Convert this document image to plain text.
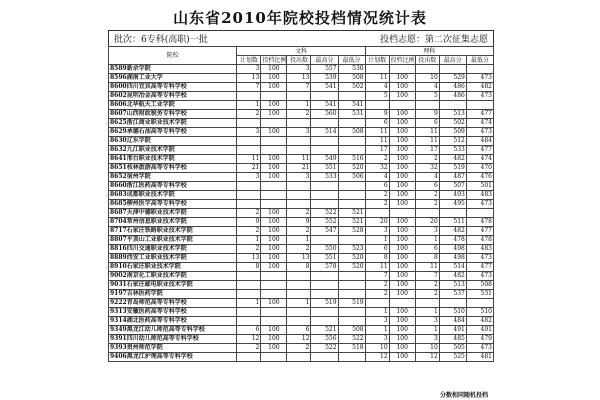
山东省2010年院校投档情况统计表
批次：6专科(高职)一批	投档志愿：第二次征集志愿
院校	文科					理科				
	计划数	投档比例	投出数	最高分	最低分	计划数	投档比例	投出数	最高分	最低分
8589新余学院	3	100	3	557	530					
8596湖南工业大学	13	100	13	539	508	11	100	10	529	473
8600四川宜宾高等专科学校	7	100	7	541	502	4	100	4	486	482
8602昆明冶金高等专科学校						5	100	5	486	473
8606北华航天工业学院	1	100	1	541	541					
8607山西财政税务专科学校	2	100	2	560	531	9	100	9	513	477
8625浙江商业职业技术学院						6	100	6	502	474
8629承德石油高等专科学校	3	100	3	514	508	11	100	11	509	473
8630辽东学院						11	100	11	512	484
8632九江职业技术学院						17	100	17	533	477
8641邢台职业技术学院	11	100	11	549	516	2	100	2	482	474
8651枝林旅游高等专科学校	21	100	21	551	520	32	100	32	519	470
8652宿州学院	3	100	3	533	506	4	100	4	487	476
8660浙江医药高等专科学校						6	100	6	507	501
8683成都职业技术学院						2	100	2	493	483
8685柳州医学高等专科学校						2	100	2	495	473
8687天津中德职业技术学院	2	100	2	522	521					
8704常州信息职业技术学院	9	100	9	552	521	20	100	20	511	478
8717石家庄铁路职业技术学院	2	100	2	547	528	3	100	3	482	477
8807平顶山工业职业技术学院	1	100	1			1	100	1	478	478
8816四川交通职业技术学院	2	100	2	550	523	6	100	6	498	483
8889西安工业职业技术学院	13	100	13	551	520	8	100	8	498	473
8910石家庄职业技术学院	8	100	8	578	520	11	100	11	514	477
9002南京化工职业技术学院						7	100	7	482	473
9031石家庄邮电职业技术学院						2	100	2	513	508
9197吉林医药学院						2	100	2	537	531
9222青岛师范高等专科学校	1	100	1	519	519					
9313安徽医药高等专科学校						1	100	1	510	510
9314湖北医药高等专科学校						3	100	3	484	482
9349黑龙江幼儿师范高等专科学校	6	100	6	521	508	1	100	1	491	491
9391四川幼儿师范高等专科学校	12	100	12	556	522	3	100	3	485	479
9393贵州师范学院	2	100	2	522	518	10	100	10	505	473
9406黑龙江护理高等专科学校						12	100	12	525	481
分数相同随机投档
